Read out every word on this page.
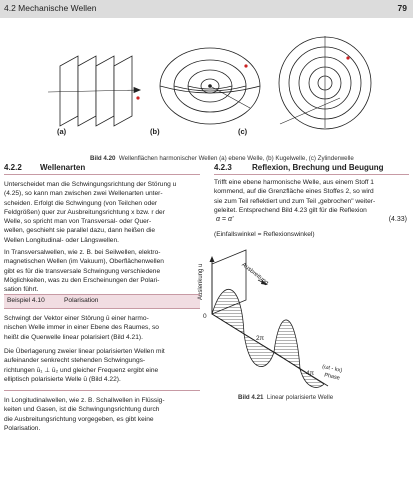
4.2 Mechanische Wellen	79
(a)	(b)	(c)
Bild 4.20 Wellenflächen harmonischer Wellen (a) ebene Welle, (b) Kugelwelle, (c) Zylinderwelle
4.2.2 Wellenarten
Unterscheidet man die Schwingungsrichtung der Störung u
(4.25), so kann man zwischen zwei Wellenarten unter-
scheiden. Erfolgt die Schwingung (von Teilchen oder
Feldgrößen) quer zur Ausbreitungsrichtung x bzw. r der
Welle, so spricht man von Transversal- oder Quer-
wellen, geschieht sie parallel dazu, dann heißen die
Wellen Longitudinal- oder Längswellen.
In Transversalwellen, wie z. B. bei Seilwellen, elektro-
magnetischen Wellen (im Vakuum), Oberflächenwellen
gibt es für die transversale Schwingung verschiedene
Möglichkeiten, was zu den Erscheinungen der Polari-
sation führt.
Beispiel 4.10	Polarisation
Schwingt der Vektor einer Störung ū einer harmo-
nischen Welle immer in einer Ebene des Raumes, so
heißt die Querwelle linear polarisiert (Bild 4.21).
Die Überlagerung zweier linear polarisierten Wellen mit
aufeinander senkrecht stehenden Schwingungs-
richtungen ū₁ ⊥ ū₂ und gleicher Frequenz ergibt eine
elliptisch polarisierte Welle ū (Bild 4.22).
In Longitudinalwellen, wie z. B. Schallwellen in Flüssig-
keiten und Gasen, ist die Schwingungsrichtung durch
die Ausbreitungsrichtung vorgegeben, es gibt keine
Polarisation.
4.2.3	Reflexion, Brechung und Beugung
Trifft eine ebene harmonische Welle, aus einem Stoff 1
kommend, auf die Grenzfläche eines Stoffes 2, so wird
sie zum Teil reflektiert und zum Teil „gebrochen" weiter-
geleitet. Entsprechend Bild 4.23 gilt für die Reflexion
α = α'	(4.33)
(Einfallswinkel = Reflexionswinkel)
Auslenkung u	Ausbreitung
0
2π
4π (ωt - kx)
Phase
Bild 4.21 Linear polarisierte Welle
